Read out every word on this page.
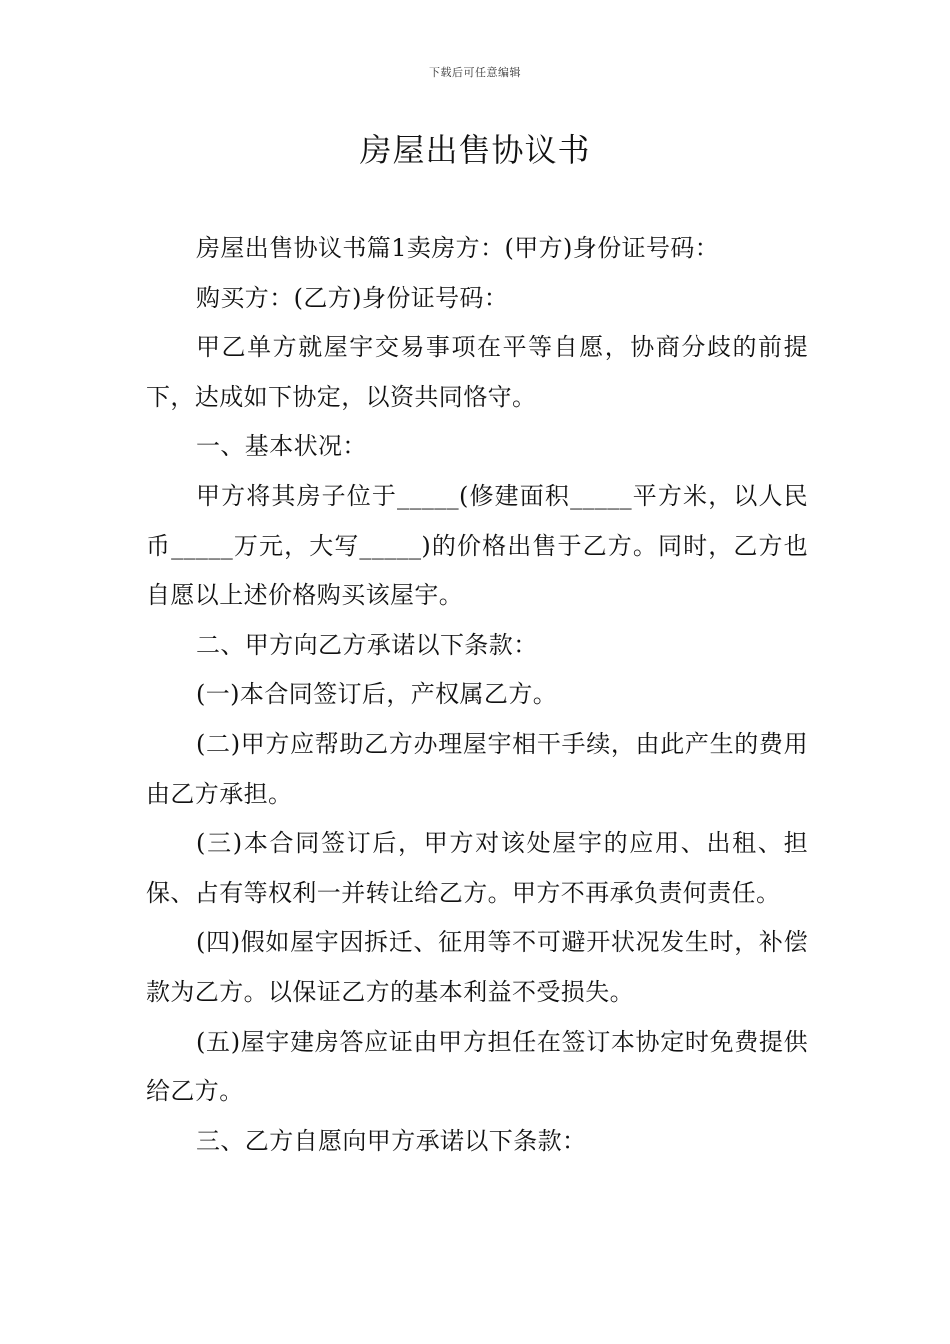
下载后可任意编辑
房屋出售协议书

房屋出售协议书篇1卖房方：(甲方)身份证号码：

购买方：(乙方)身份证号码：

甲乙单方就屋宇交易事项在平等自愿，协商分歧的前提下，达成如下协定，以资共同恪守。

一、基本状况：

甲方将其房子位于_____(修建面积_____平方米，以人民币_____万元，大写_____)的价格出售于乙方。同时，乙方也自愿以上述价格购买该屋宇。

二、甲方向乙方承诺以下条款：

(一)本合同签订后，产权属乙方。

(二)甲方应帮助乙方办理屋宇相干手续，由此产生的费用由乙方承担。

(三)本合同签订后，甲方对该处屋宇的应用、出租、担保、占有等权利一并转让给乙方。甲方不再承负责何责任。

(四)假如屋宇因拆迁、征用等不可避开状况发生时，补偿款为乙方。以保证乙方的基本利益不受损失。

(五)屋宇建房答应证由甲方担任在签订本协定时免费提供给乙方。

三、乙方自愿向甲方承诺以下条款：
